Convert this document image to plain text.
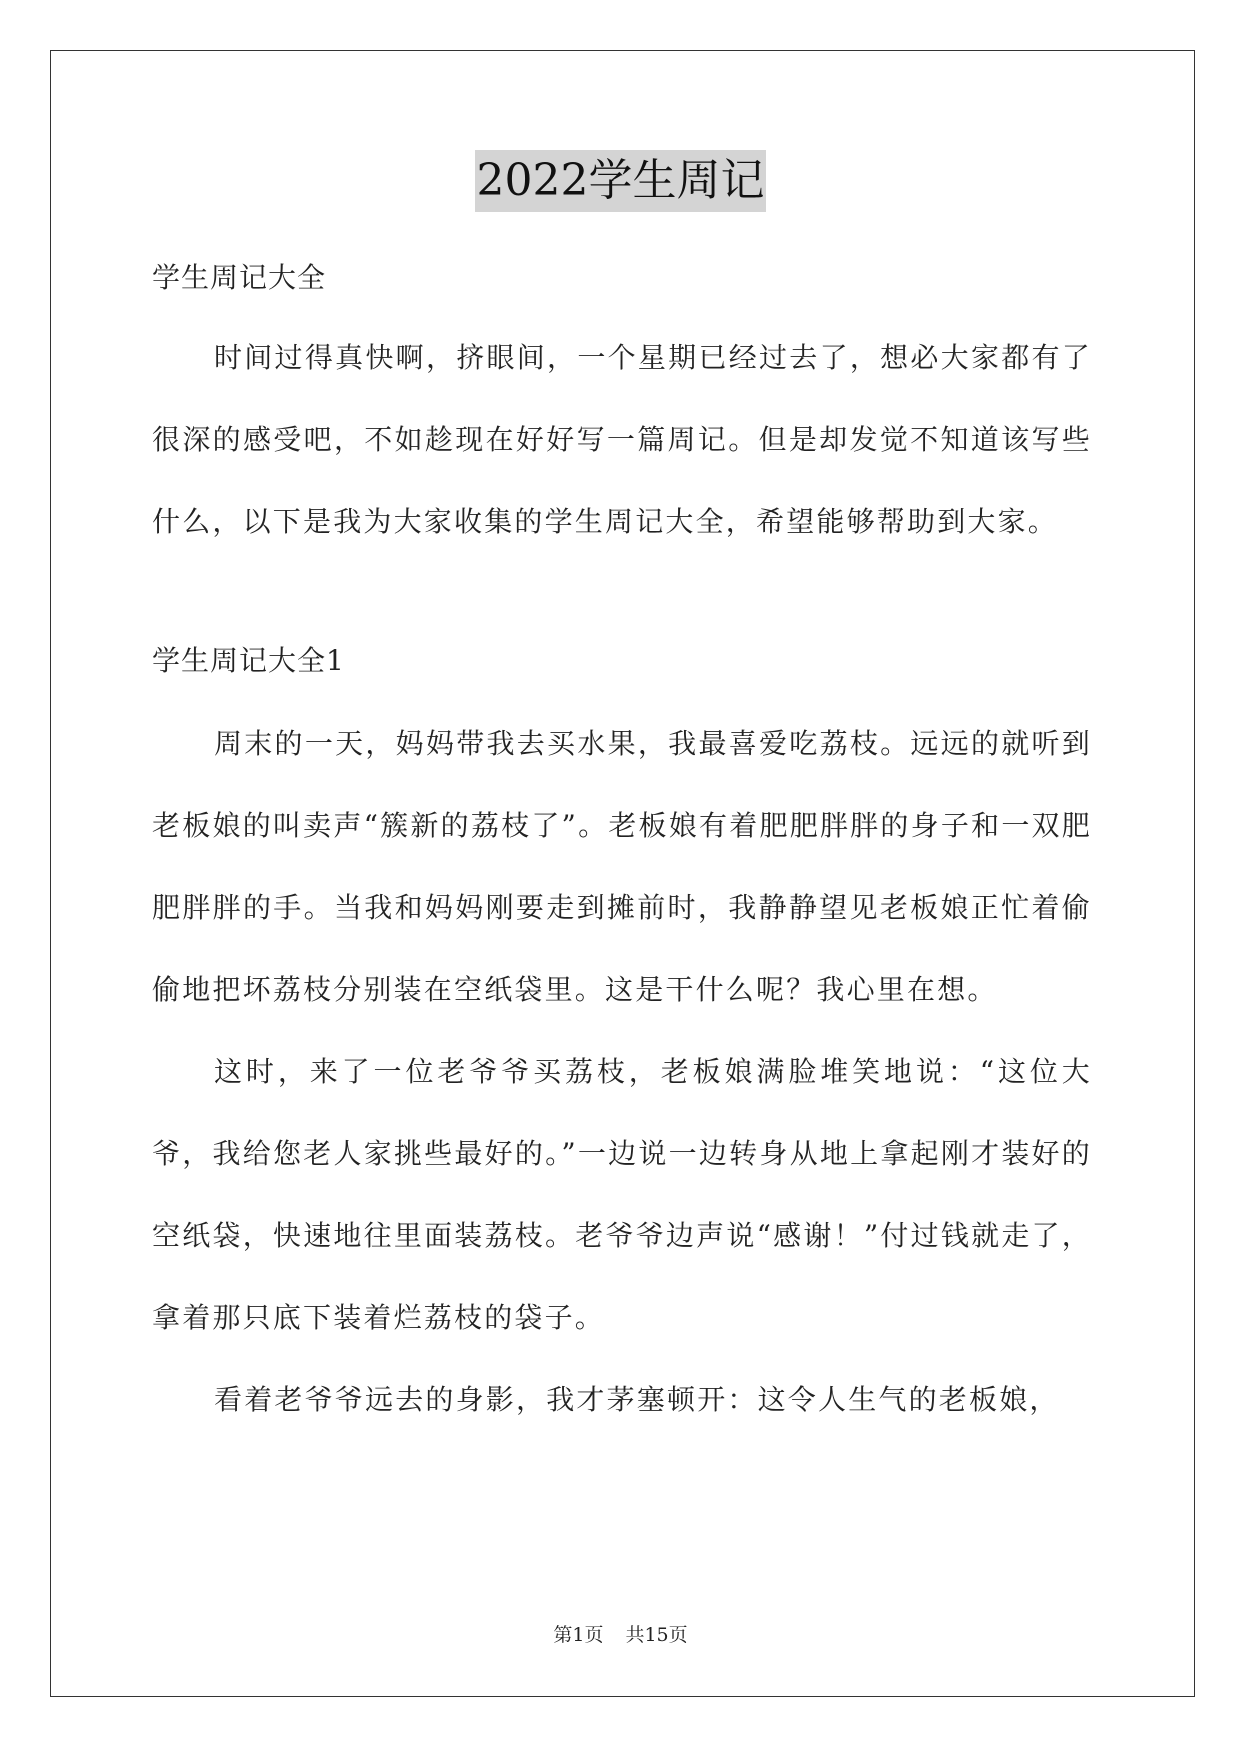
2022学生周记

学生周记大全

时间过得真快啊，挤眼间，一个星期已经过去了，想必大家都有了很深的感受吧，不如趁现在好好写一篇周记。但是却发觉不知道该写些什么，以下是我为大家收集的学生周记大全，希望能够帮助到大家。

学生周记大全1

周末的一天，妈妈带我去买水果，我最喜爱吃荔枝。远远的就听到老板娘的叫卖声“簇新的荔枝了”。老板娘有着肥肥胖胖的身子和一双肥肥胖胖的手。当我和妈妈刚要走到摊前时，我静静望见老板娘正忙着偷偷地把坏荔枝分别装在空纸袋里。这是干什么呢？我心里在想。

这时，来了一位老爷爷买荔枝，老板娘满脸堆笑地说：“这位大爷，我给您老人家挑些最好的。”一边说一边转身从地上拿起刚才装好的空纸袋，快速地往里面装荔枝。老爷爷边声说“感谢！”付过钱就走了，拿着那只底下装着烂荔枝的袋子。

看着老爷爷远去的身影，我才茅塞顿开：这令人生气的老板娘，

第1页 共15页
